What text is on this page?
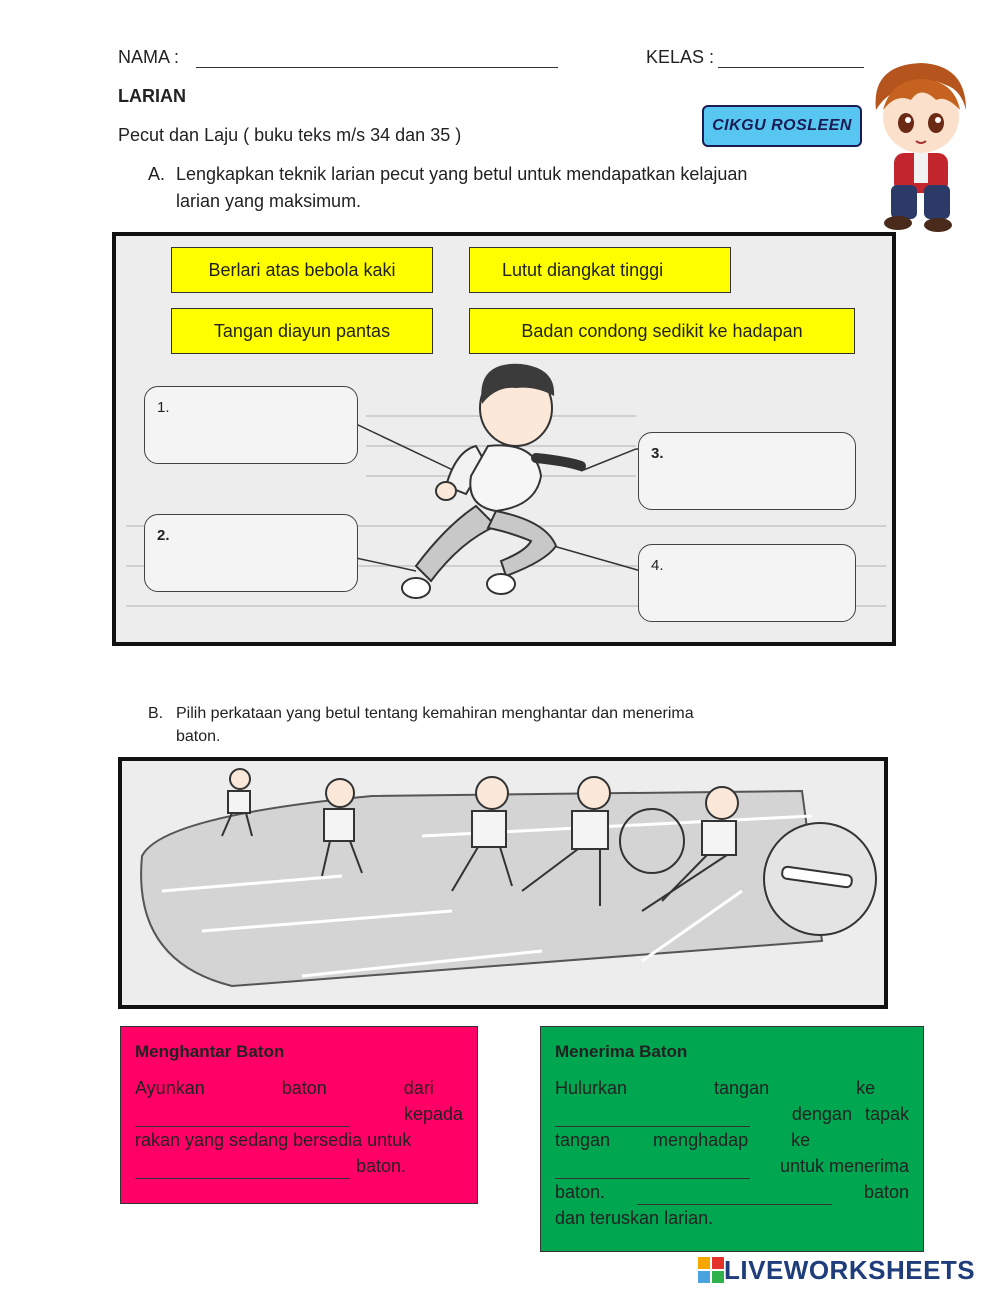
NAMA :	KELAS :
LARIAN
Pecut dan Laju ( buku teks m/s 34 dan 35 )	CIKGU ROSLEEN
A. Lengkapkan teknik larian pecut yang betul untuk mendapatkan kelajuan
larian yang maksimum.
Berlari atas bebola kaki	Lutut diangkat tinggi
Tangan diayun pantas	Badan condong sedikit ke hadapan
1.
2.
3.
4.
B. Pilih perkataan yang betul tentang kemahiran menghantar dan menerima
baton.
Menghantar Baton
Ayunkan baton dari
kepada
rakan yang sedang bersedia untuk
baton.
Menerima Baton
Hulurkan tangan ke
dengan tapak
tangan menghadap ke
untuk menerima
baton.	baton
dan teruskan larian.
LIVEWORKSHEETS
